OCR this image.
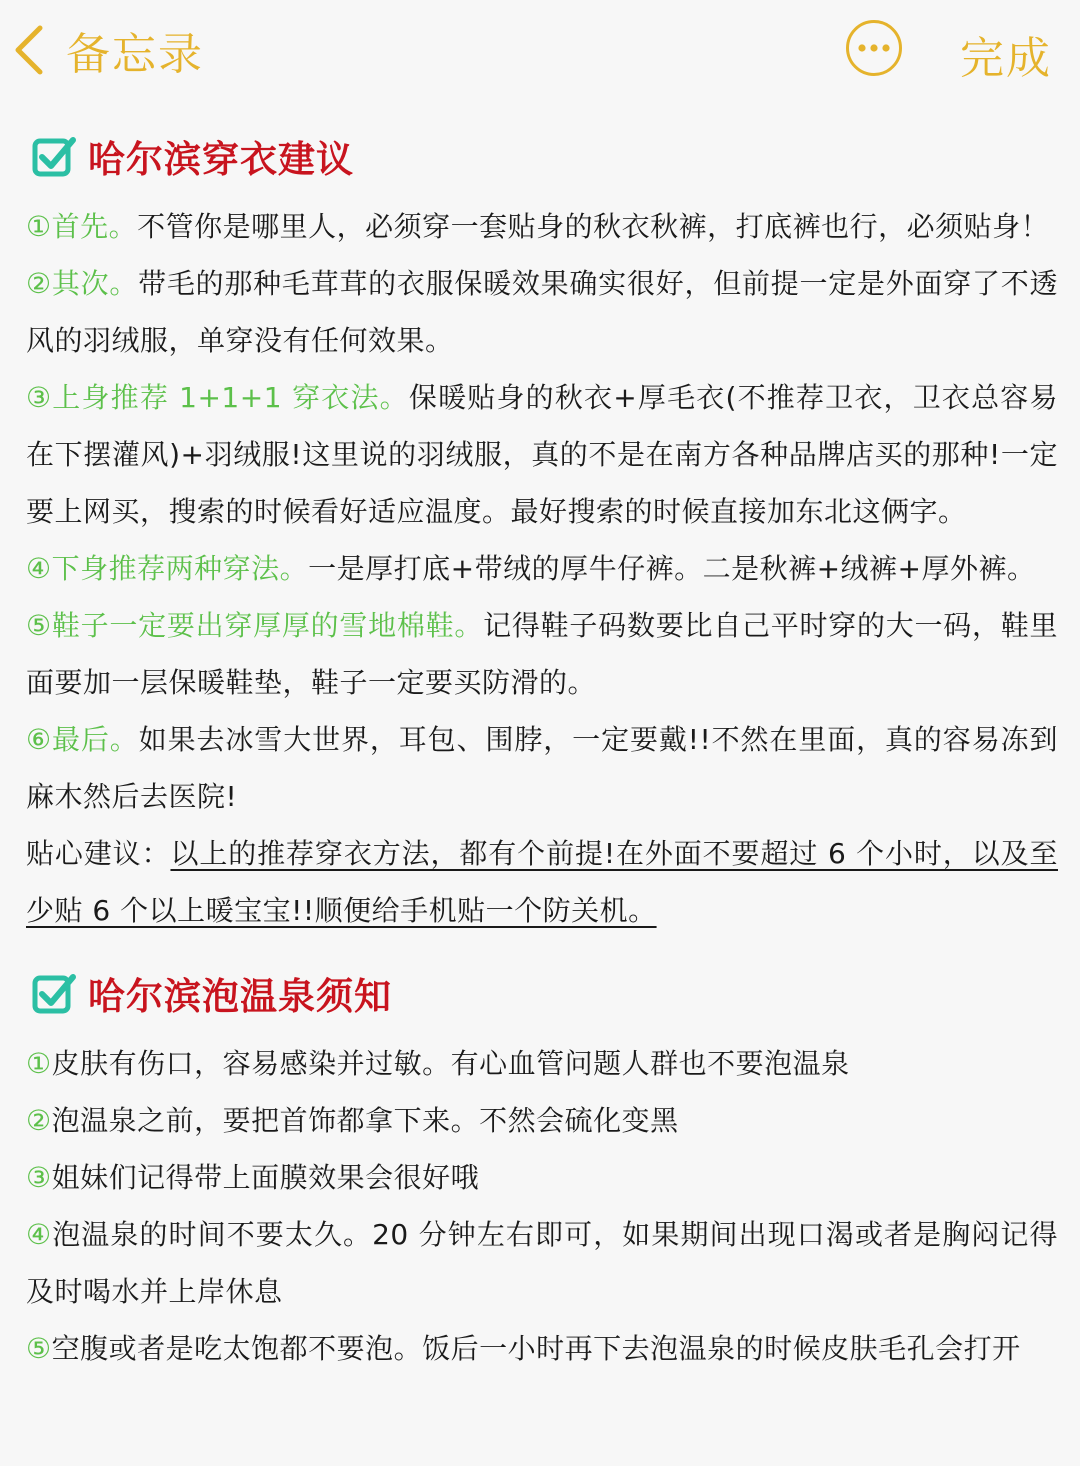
备忘录	完成
哈尔滨穿衣建议

①首先。不管你是哪里人，必须穿一套贴身的秋衣秋裤，打底裤也行，必须贴身！

②其次。带毛的那种毛茸茸的衣服保暖效果确实很好，但前提一定是外面穿了不透风的羽绒服，单穿没有任何效果。

③上身推荐 1+1+1 穿衣法。保暖贴身的秋衣+厚毛衣(不推荐卫衣，卫衣总容易在下摆灌风)+羽绒服!这里说的羽绒服，真的不是在南方各种品牌店买的那种!一定要上网买，搜索的时候看好适应温度。最好搜索的时候直接加东北这俩字。

④下身推荐两种穿法。一是厚打底+带绒的厚牛仔裤。二是秋裤+绒裤+厚外裤。

⑤鞋子一定要出穿厚厚的雪地棉鞋。记得鞋子码数要比自己平时穿的大一码，鞋里面要加一层保暖鞋垫，鞋子一定要买防滑的。

⑥最后。如果去冰雪大世界，耳包、围脖，一定要戴!!不然在里面，真的容易冻到麻木然后去医院!

贴心建议：以上的推荐穿衣方法，都有个前提!在外面不要超过 6 个小时，以及至少贴 6 个以上暖宝宝!!顺便给手机贴一个防关机。

哈尔滨泡温泉须知

①皮肤有伤口，容易感染并过敏。有心血管问题人群也不要泡温泉

②泡温泉之前，要把首饰都拿下来。不然会硫化变黑

③姐妹们记得带上面膜效果会很好哦

④泡温泉的时间不要太久。20 分钟左右即可，如果期间出现口渴或者是胸闷记得及时喝水并上岸休息

⑤空腹或者是吃太饱都不要泡。饭后一小时再下去泡温泉的时候皮肤毛孔会打开
